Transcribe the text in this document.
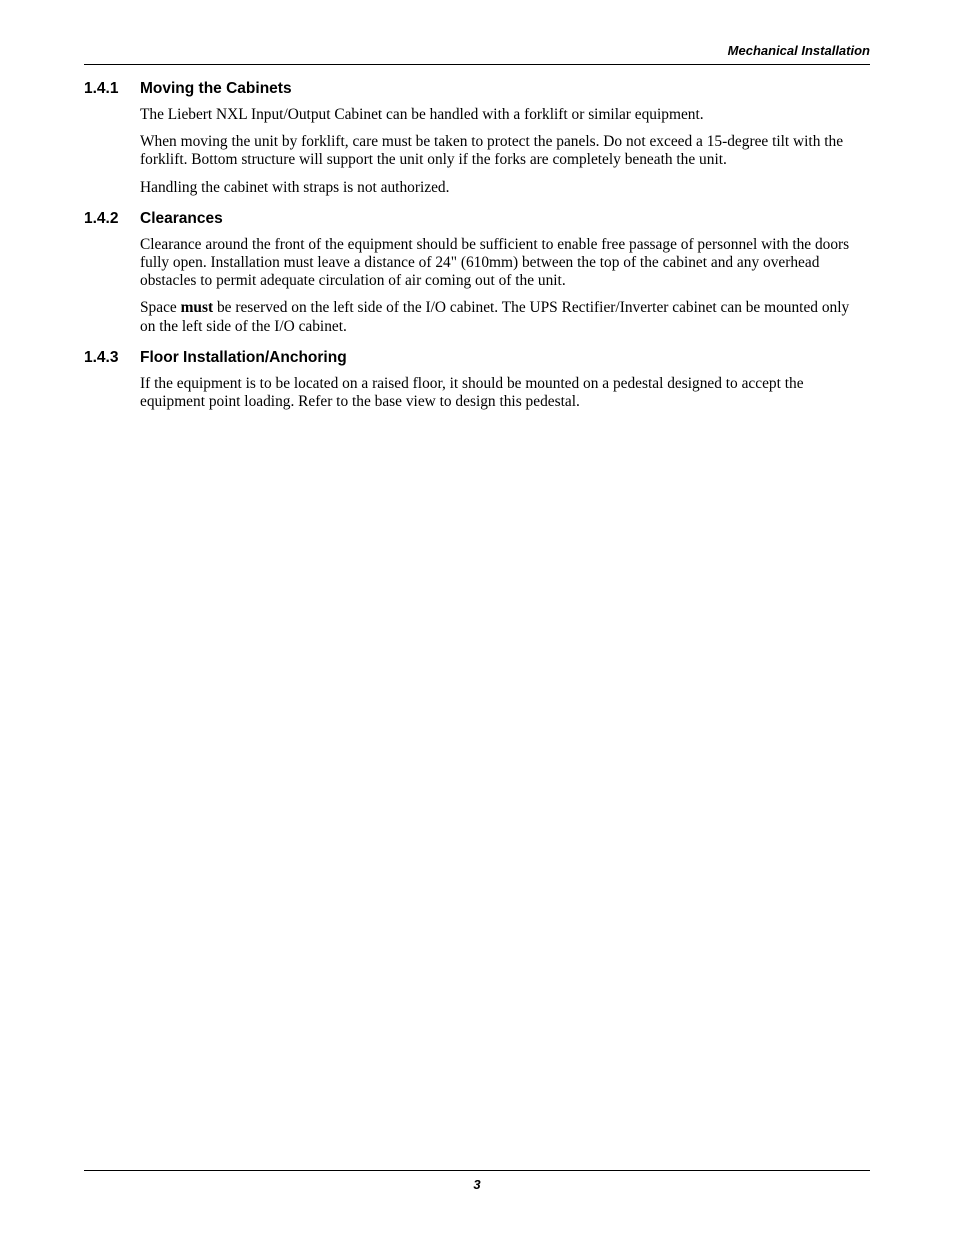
Mechanical Installation
1.4.1	Moving the Cabinets

The Liebert NXL Input/Output Cabinet can be handled with a forklift or similar equipment.

When moving the unit by forklift, care must be taken to protect the panels. Do not exceed a 15-degree tilt with the forklift. Bottom structure will support the unit only if the forks are completely beneath the unit.

Handling the cabinet with straps is not authorized.

1.4.2	Clearances

Clearance around the front of the equipment should be sufficient to enable free passage of personnel with the doors fully open. Installation must leave a distance of 24" (610mm) between the top of the cabinet and any overhead obstacles to permit adequate circulation of air coming out of the unit.

Space must be reserved on the left side of the I/O cabinet. The UPS Rectifier/Inverter cabinet can be mounted only on the left side of the I/O cabinet.

1.4.3	Floor Installation/Anchoring

If the equipment is to be located on a raised floor, it should be mounted on a pedestal designed to accept the equipment point loading. Refer to the base view to design this pedestal.

3
